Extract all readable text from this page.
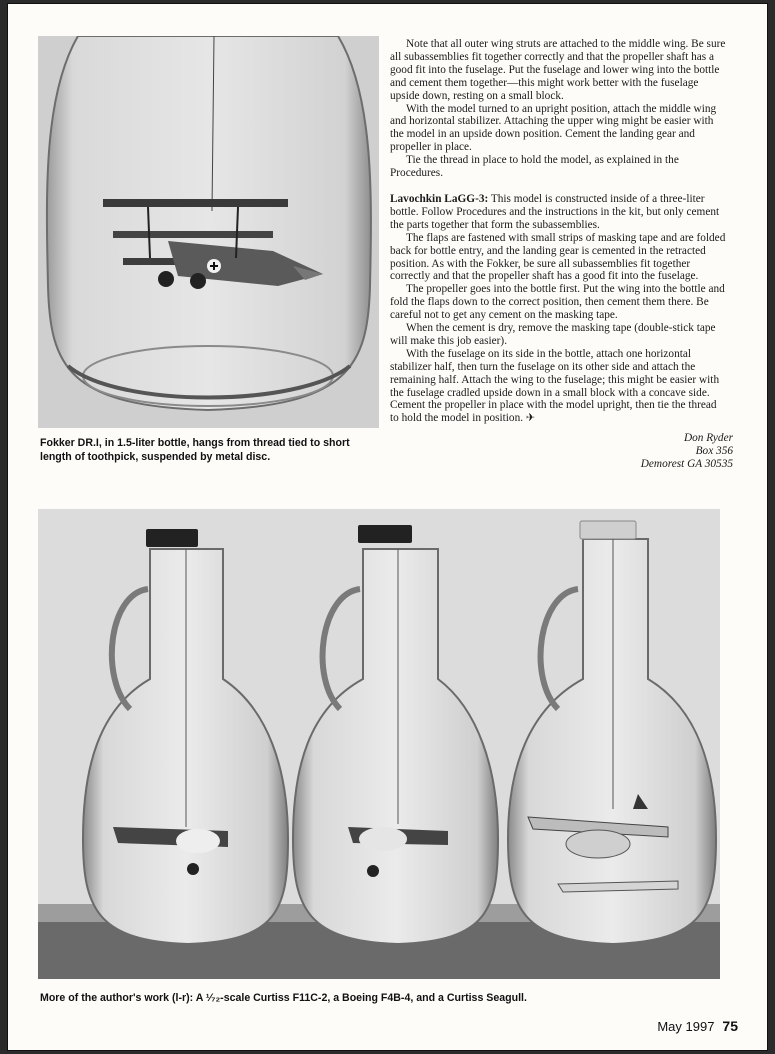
Fokker DR.I, in 1.5-liter bottle, hangs from thread tied to short length of toothpick, suspended by metal disc.

Note that all outer wing struts are attached to the middle wing. Be sure all subassemblies fit together correctly and that the propeller shaft has a good fit into the fuselage. Put the fuselage and lower wing into the bottle and cement them together—this might work better with the fuselage upside down, resting on a small block.

With the model turned to an upright position, attach the middle wing and horizontal stabilizer. Attaching the upper wing might be easier with the model in an upside down position. Cement the landing gear and propeller in place.

Tie the thread in place to hold the model, as explained in the Procedures.

Lavochkin LaGG-3: This model is constructed inside of a three-liter bottle. Follow Procedures and the instructions in the kit, but only cement the parts together that form the subassemblies.

The flaps are fastened with small strips of masking tape and are folded back for bottle entry, and the landing gear is cemented in the retracted position. As with the Fokker, be sure all subassemblies fit together correctly and that the propeller shaft has a good fit into the fuselage.

The propeller goes into the bottle first. Put the wing into the bottle and fold the flaps down to the correct position, then cement them there. Be careful not to get any cement on the masking tape.

When the cement is dry, remove the masking tape (double-stick tape will make this job easier).

With the fuselage on its side in the bottle, attach one horizontal stabilizer half, then turn the fuselage on its other side and attach the remaining half. Attach the wing to the fuselage; this might be easier with the fuselage cradled upside down in a small block with a concave side. Cement the propeller in place with the model upright, then tie the thread to hold the model in position. ✈

Don Ryder
Box 356
Demorest GA 30535
More of the author's work (l-r): A ¹⁄₇₂-scale Curtiss F11C-2, a Boeing F4B-4, and a Curtiss Seagull.
May 1997 75
